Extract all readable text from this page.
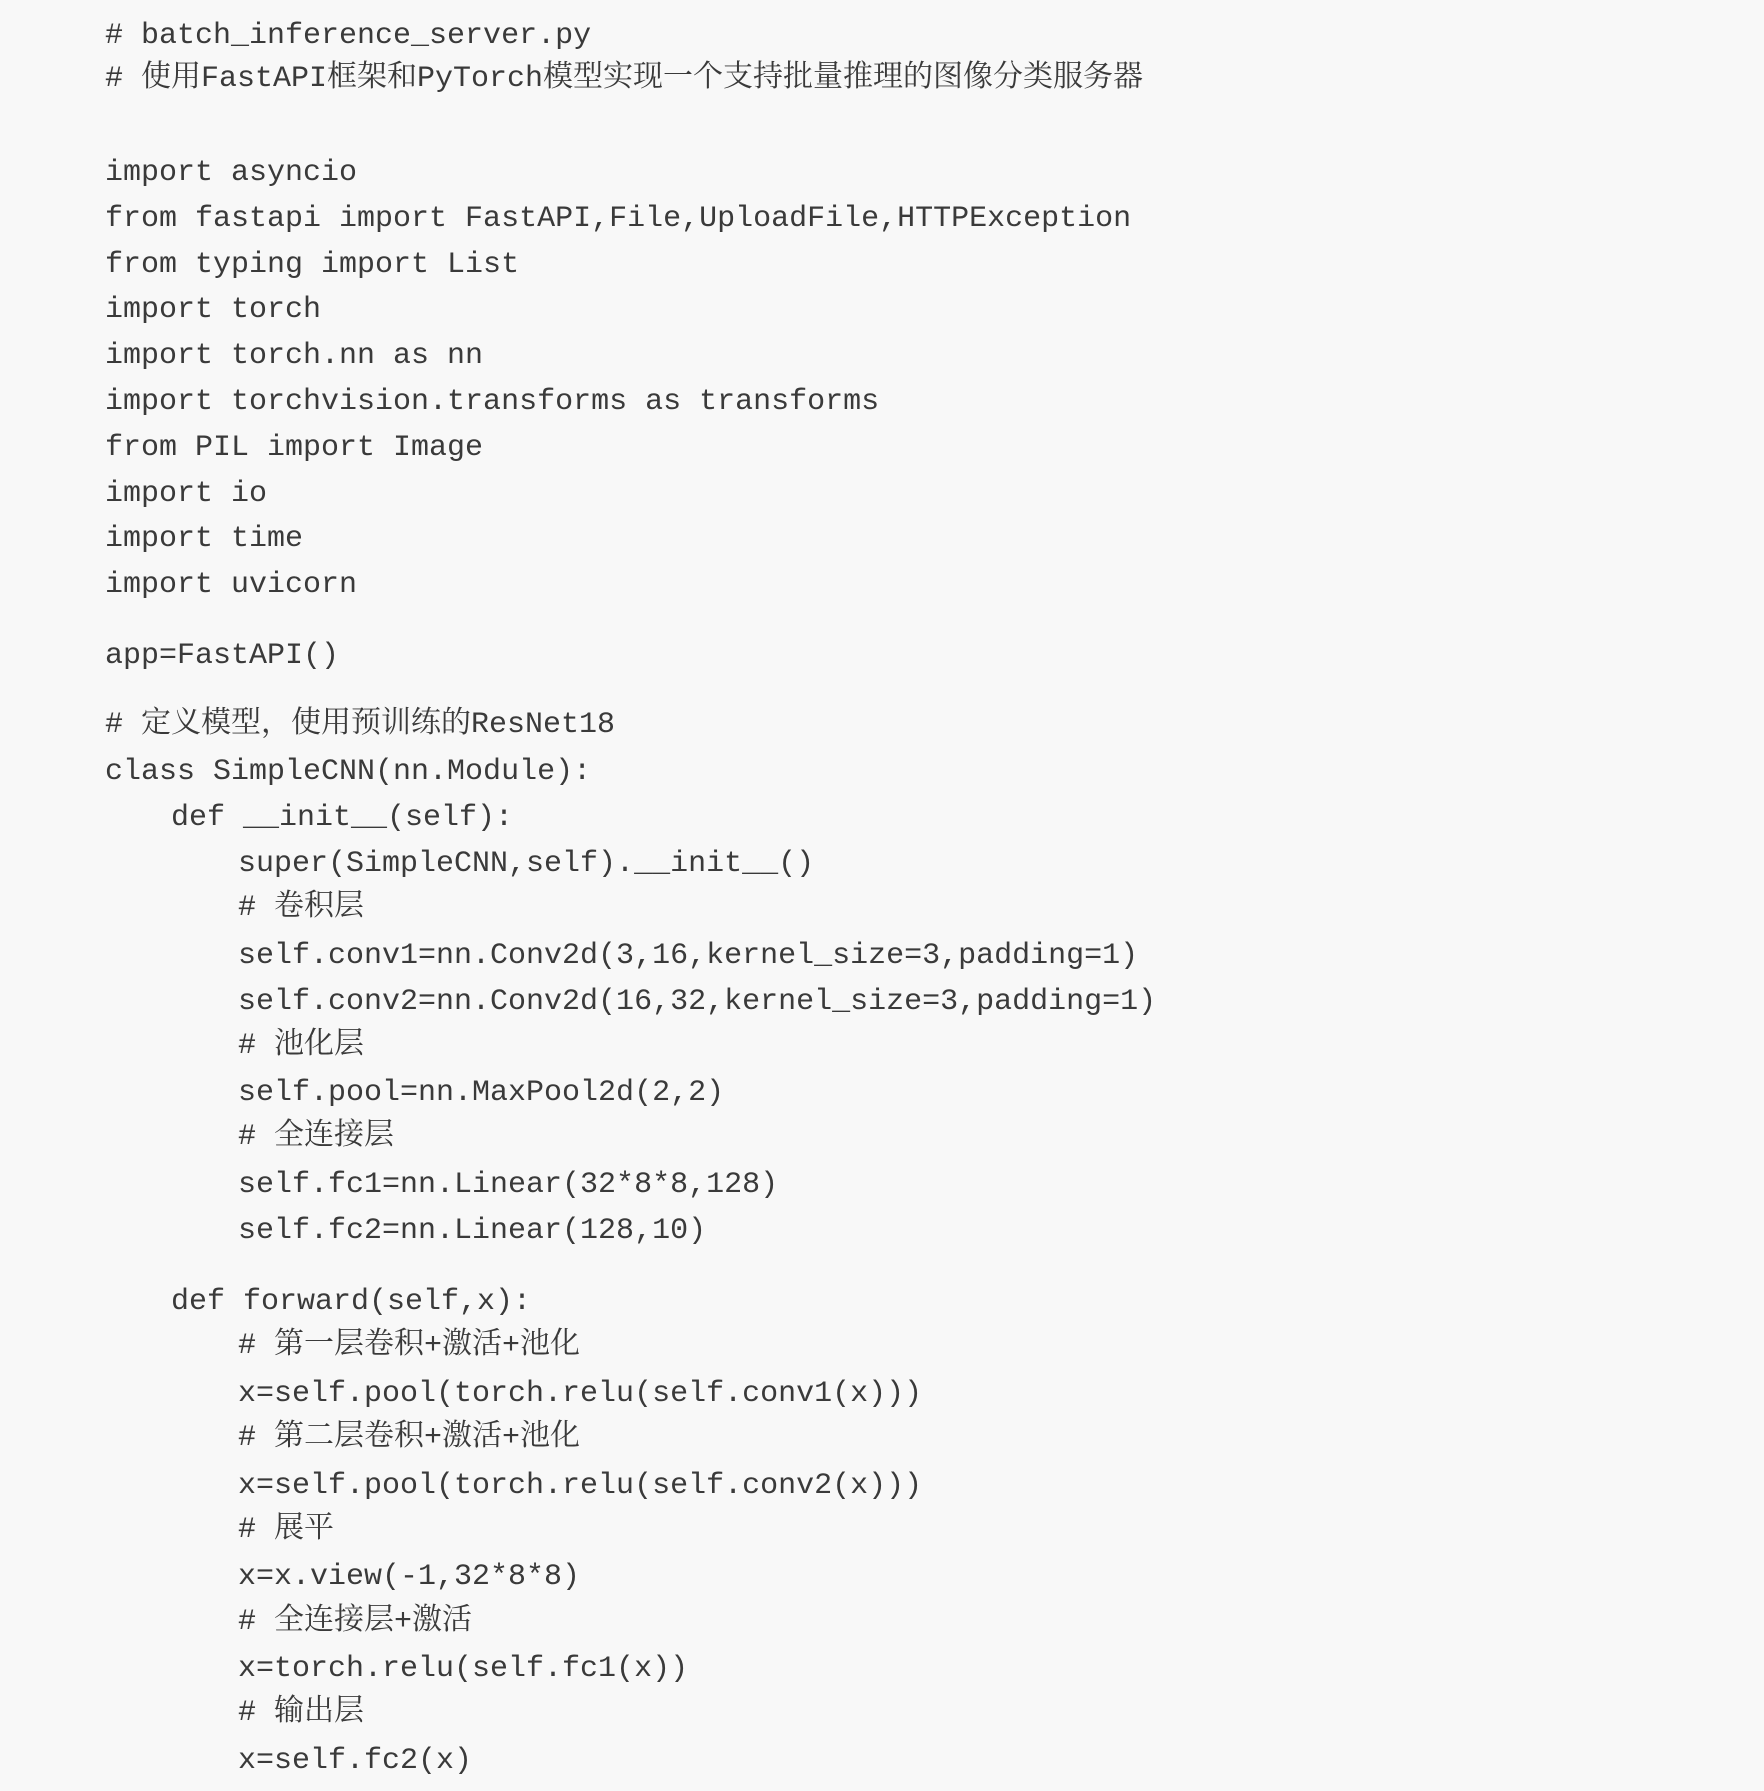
# batch_inference_server.py
# 使用FastAPI框架和PyTorch模型实现一个支持批量推理的图像分类服务器
import asyncio
from fastapi import FastAPI,File,UploadFile,HTTPException
from typing import List
import torch
import torch.nn as nn
import torchvision.transforms as transforms
from PIL import Image
import io
import time
import uvicorn
app=FastAPI()
# 定义模型，使用预训练的ResNet18
class SimpleCNN(nn.Module):
def __init__(self):
super(SimpleCNN,self).__init__()
# 卷积层
self.conv1=nn.Conv2d(3,16,kernel_size=3,padding=1)
self.conv2=nn.Conv2d(16,32,kernel_size=3,padding=1)
# 池化层
self.pool=nn.MaxPool2d(2,2)
# 全连接层
self.fc1=nn.Linear(32*8*8,128)
self.fc2=nn.Linear(128,10)
def forward(self,x):
# 第一层卷积+激活+池化
x=self.pool(torch.relu(self.conv1(x)))
# 第二层卷积+激活+池化
x=self.pool(torch.relu(self.conv2(x)))
# 展平
x=x.view(-1,32*8*8)
# 全连接层+激活
x=torch.relu(self.fc1(x))
# 输出层
x=self.fc2(x)
